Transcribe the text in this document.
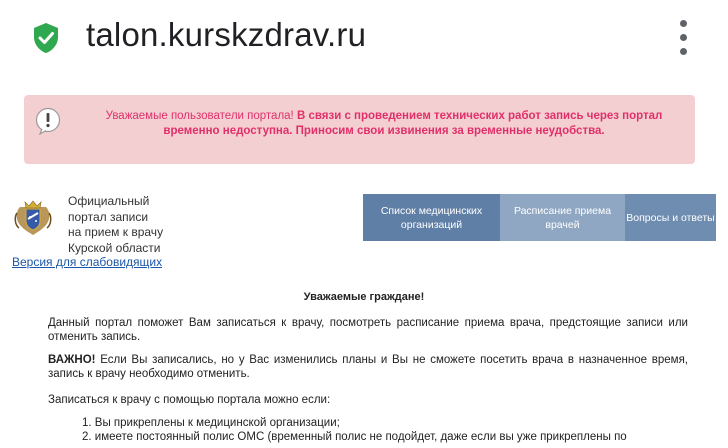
talon.kurskzdrav.ru
Уважаемые пользователи портала! В связи с проведением технических работ запись через портал временно недоступна. Приносим свои извинения за временные неудобства.
Официальный
портал записи
на прием к врачу
Курской области
Версия для слабовидящих
Список медицинских организаций
Расписание приема врачей
Вопросы и ответы
Уважаемые граждане!
Данный портал поможет Вам записаться к врачу, посмотреть расписание приема врача, предстоящие записи или отменить запись.
ВАЖНО! Если Вы записались, но у Вас изменились планы и Вы не сможете посетить врача в назначенное время, запись к врачу необходимо отменить.
Записаться к врачу с помощью портала можно если:
1. Вы прикреплены к медицинской организации;
2. имеете постоянный полис ОМС (временный полис не подойдет, даже если вы уже прикреплены по
